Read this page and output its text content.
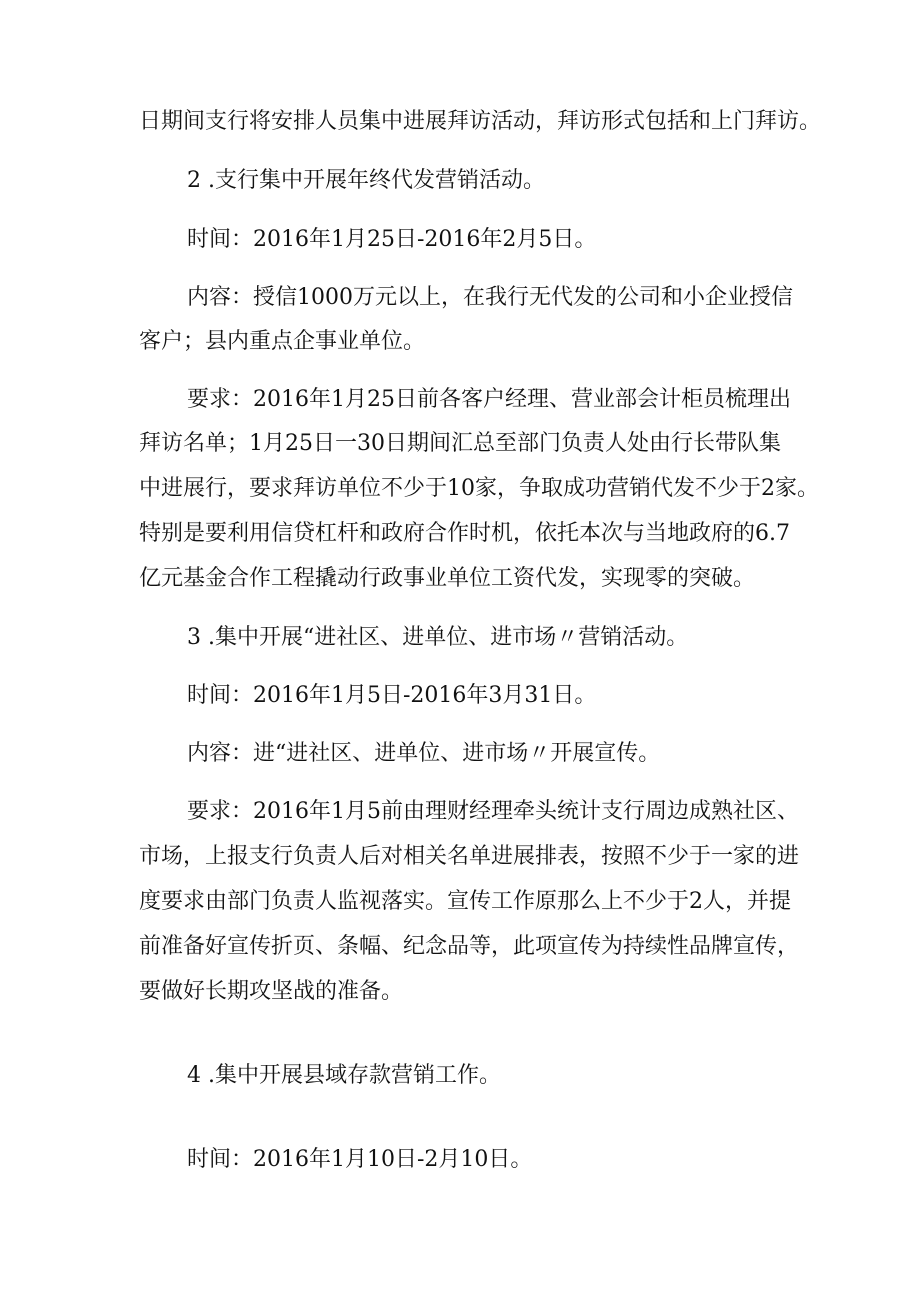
日期间支行将安排人员集中进展拜访活动，拜访形式包括和上门拜访。
2 .支行集中开展年终代发营销活动。
时间：2016年1月25日-2016年2月5日。
内容：授信1000万元以上，在我行无代发的公司和小企业授信
客户；县内重点企事业单位。
要求：2016年1月25日前各客户经理、营业部会计柜员梳理出
拜访名单；1月25日一30日期间汇总至部门负责人处由行长带队集
中进展行，要求拜访单位不少于10家，争取成功营销代发不少于2家。
特别是要利用信贷杠杆和政府合作时机，依托本次与当地政府的6.7
亿元基金合作工程撬动行政事业单位工资代发，实现零的突破。
3 .集中开展“进社区、进单位、进市场〃营销活动。
时间：2016年1月5日-2016年3月31日。
内容：进“进社区、进单位、进市场〃开展宣传。
要求：2016年1月5前由理财经理牵头统计支行周边成熟社区、
市场，上报支行负责人后对相关名单进展排表，按照不少于一家的进
度要求由部门负责人监视落实。宣传工作原那么上不少于2人，并提
前准备好宣传折页、条幅、纪念品等，此项宣传为持续性品牌宣传，
要做好长期攻坚战的准备。
4 .集中开展县域存款营销工作。
时间：2016年1月10日-2月10日。
